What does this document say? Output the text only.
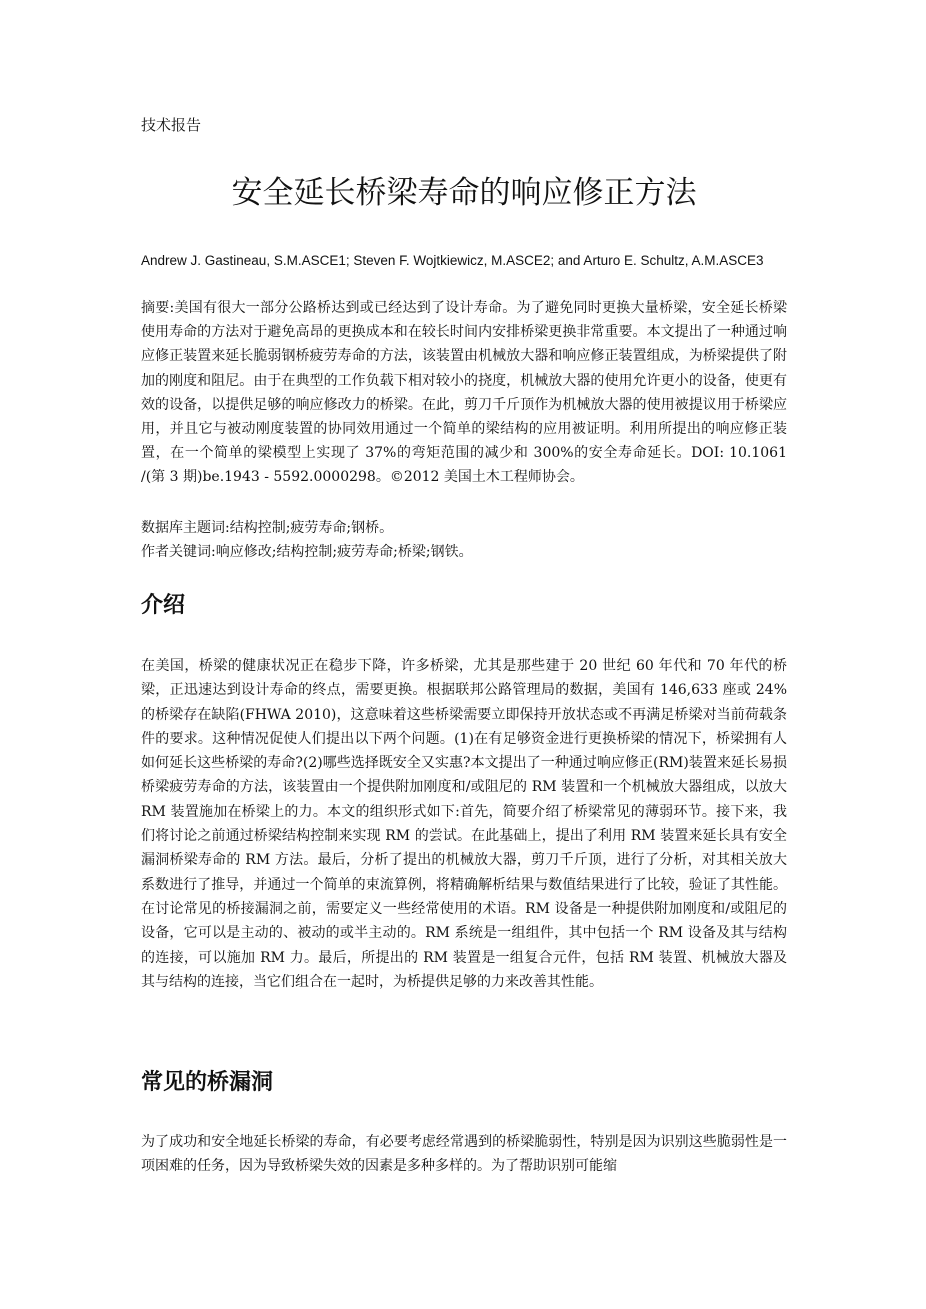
技术报告
安全延长桥梁寿命的响应修正方法
Andrew J. Gastineau, S.M.ASCE1; Steven F. Wojtkiewicz, M.ASCE2; and Arturo E. Schultz, A.M.ASCE3

摘要:美国有很大一部分公路桥达到或已经达到了设计寿命。为了避免同时更换大量桥梁，安全延长桥梁使用寿命的方法对于避免高昂的更换成本和在较长时间内安排桥梁更换非常重要。本文提出了一种通过响应修正装置来延长脆弱钢桥疲劳寿命的方法，该装置由机械放大器和响应修正装置组成，为桥梁提供了附加的刚度和阻尼。由于在典型的工作负载下相对较小的挠度，机械放大器的使用允许更小的设备，使更有效的设备，以提供足够的响应修改力的桥梁。在此，剪刀千斤顶作为机械放大器的使用被提议用于桥梁应用，并且它与被动刚度装置的协同效用通过一个简单的梁结构的应用被证明。利用所提出的响应修正装置，在一个简单的梁模型上实现了 37%的弯矩范围的减少和 300%的安全寿命延长。DOI: 10.1061 /(第 3 期)be.1943 - 5592.0000298。©2012 美国土木工程师协会。

数据库主题词:结构控制;疲劳寿命;钢桥。
作者关键词:响应修改;结构控制;疲劳寿命;桥梁;钢铁。
介绍

在美国，桥梁的健康状况正在稳步下降，许多桥梁，尤其是那些建于 20 世纪 60 年代和 70 年代的桥梁，正迅速达到设计寿命的终点，需要更换。根据联邦公路管理局的数据，美国有 146,633 座或 24%的桥梁存在缺陷(FHWA 2010)，这意味着这些桥梁需要立即保持开放状态或不再满足桥梁对当前荷载条件的要求。这种情况促使人们提出以下两个问题。(1)在有足够资金进行更换桥梁的情况下，桥梁拥有人如何延长这些桥梁的寿命?(2)哪些选择既安全又实惠?本文提出了一种通过响应修正(RM)装置来延长易损桥梁疲劳寿命的方法，该装置由一个提供附加刚度和/或阻尼的 RM 装置和一个机械放大器组成，以放大 RM 装置施加在桥梁上的力。本文的组织形式如下:首先，简要介绍了桥梁常见的薄弱环节。接下来，我们将讨论之前通过桥梁结构控制来实现 RM 的尝试。在此基础上，提出了利用 RM 装置来延长具有安全漏洞桥梁寿命的 RM 方法。最后，分析了提出的机械放大器，剪刀千斤顶，进行了分析，对其相关放大系数进行了推导，并通过一个简单的束流算例，将精确解析结果与数值结果进行了比较，验证了其性能。在讨论常见的桥接漏洞之前，需要定义一些经常使用的术语。RM 设备是一种提供附加刚度和/或阻尼的设备，它可以是主动的、被动的或半主动的。RM 系统是一组组件，其中包括一个 RM 设备及其与结构的连接，可以施加 RM 力。最后，所提出的 RM 装置是一组复合元件，包括 RM 装置、机械放大器及其与结构的连接，当它们组合在一起时，为桥提供足够的力来改善其性能。

常见的桥漏洞

为了成功和安全地延长桥梁的寿命，有必要考虑经常遇到的桥梁脆弱性，特别是因为识别这些脆弱性是一项困难的任务，因为导致桥梁失效的因素是多种多样的。为了帮助识别可能缩
